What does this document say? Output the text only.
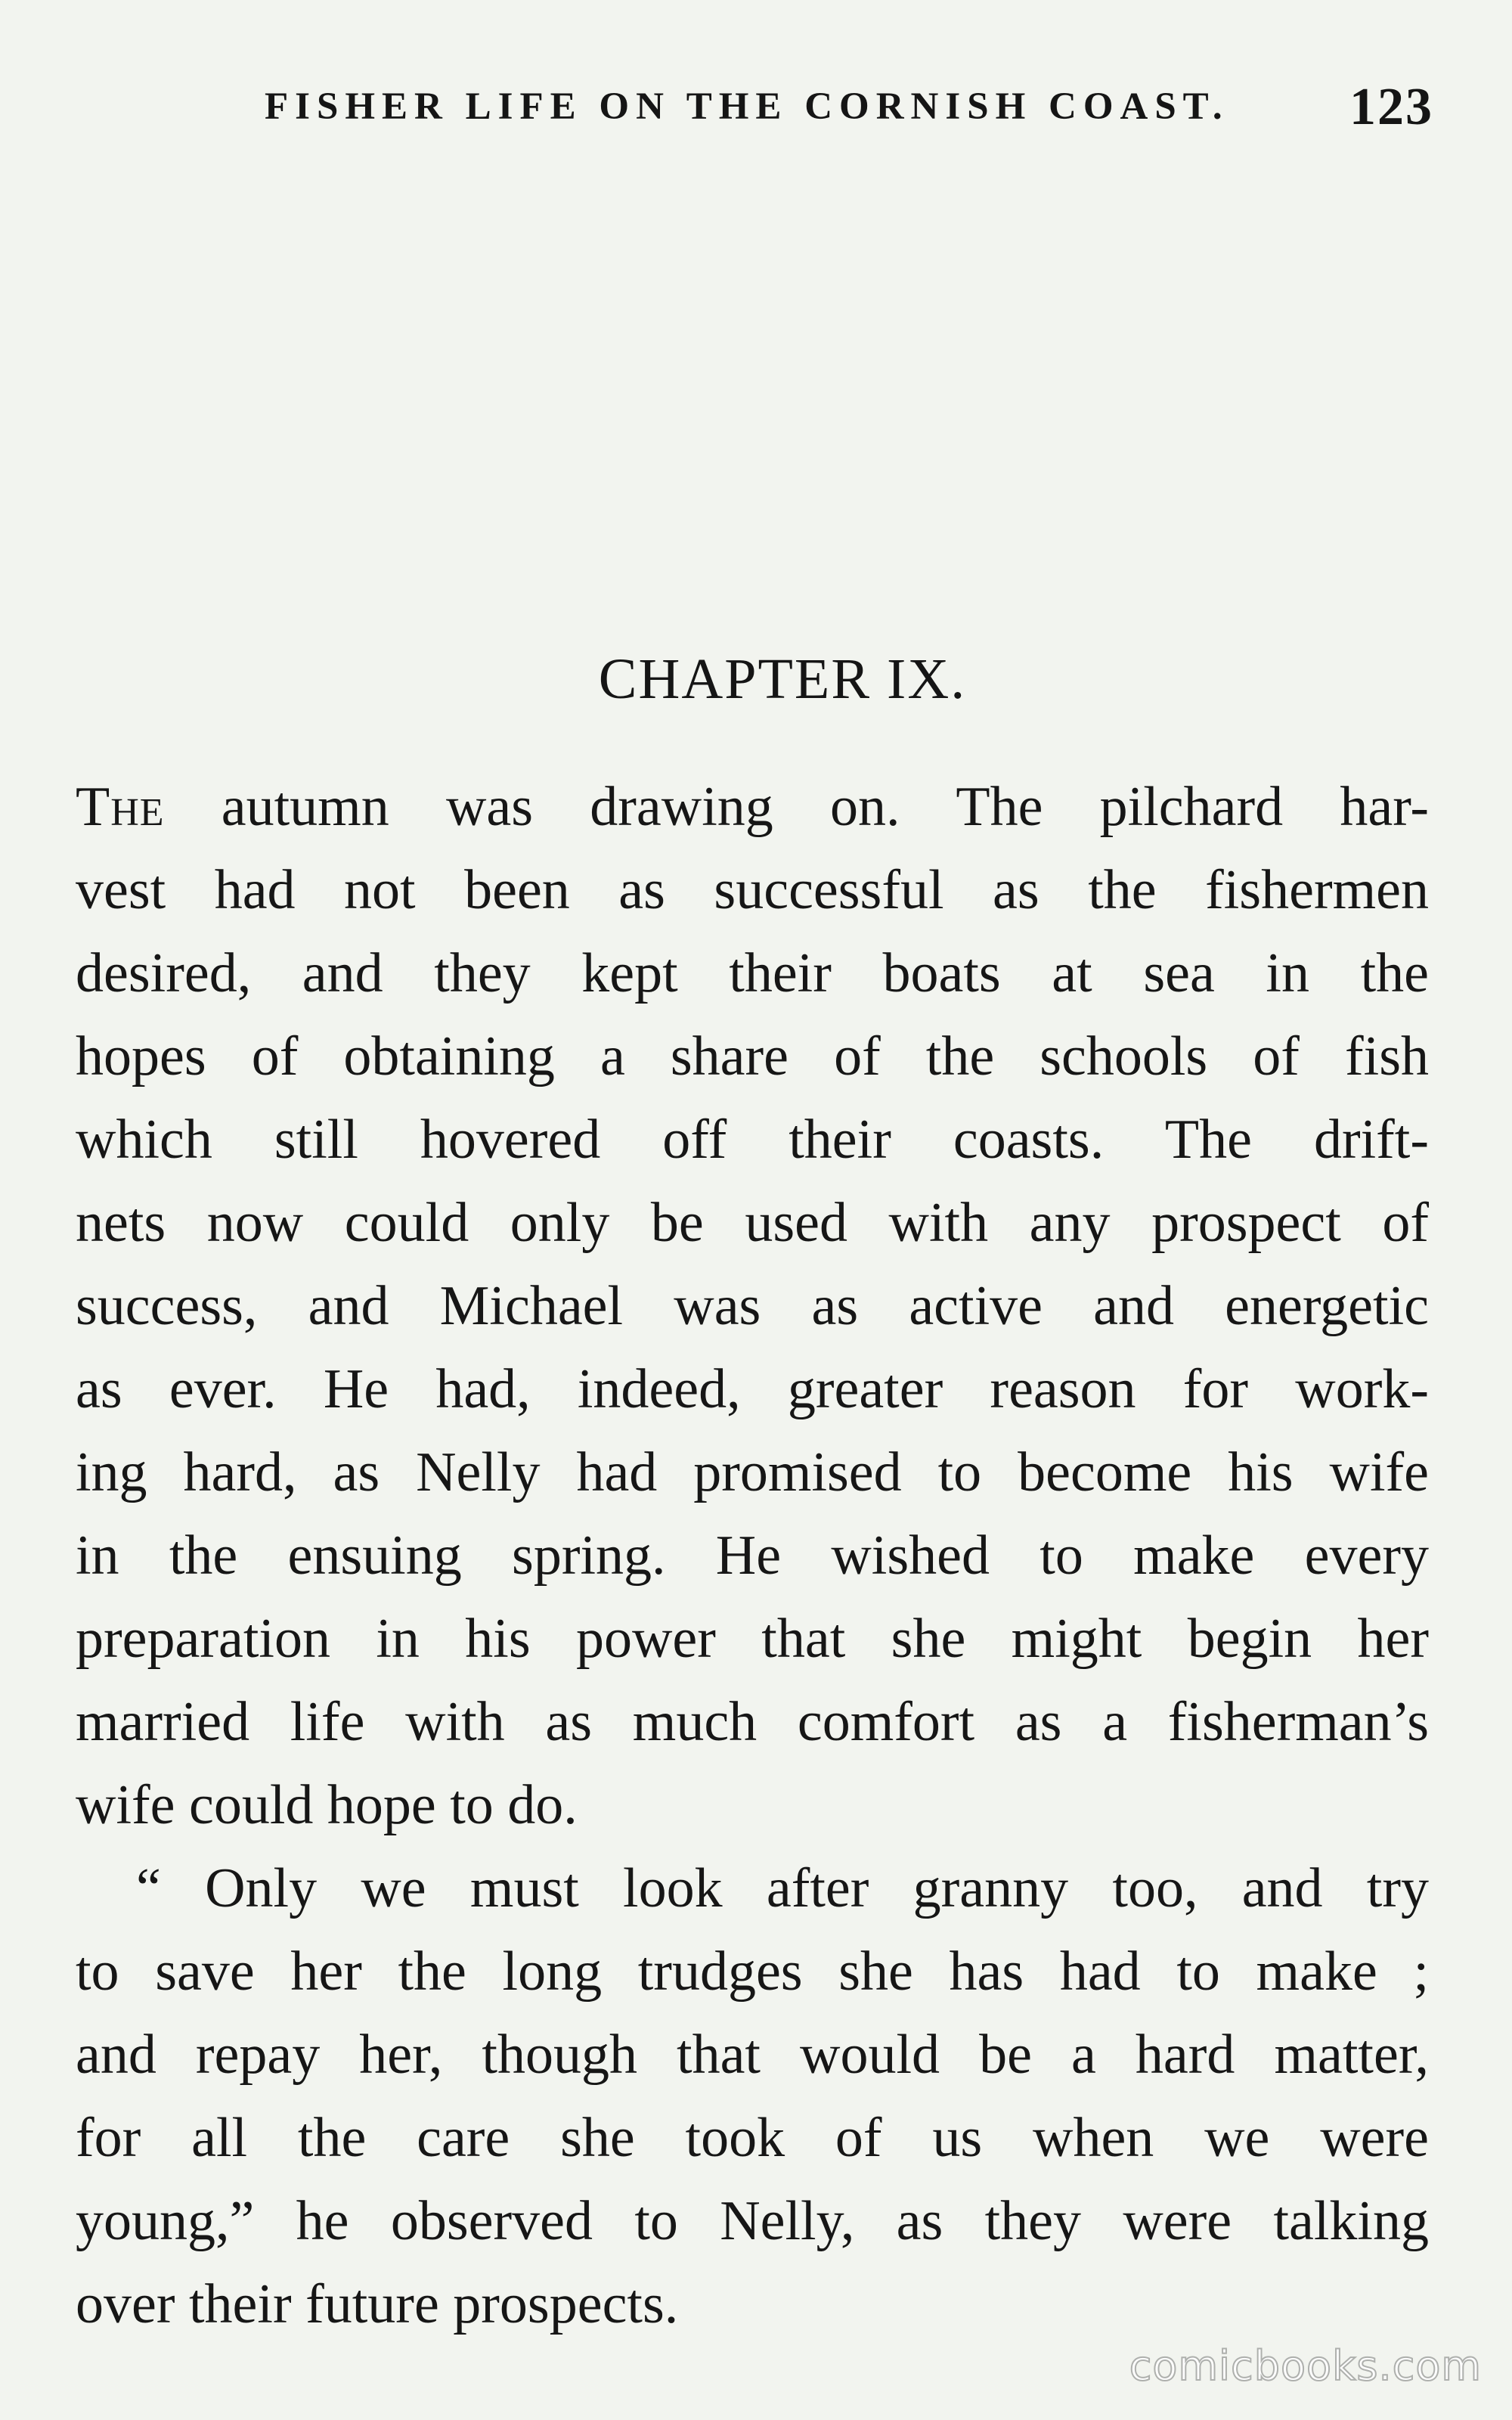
FISHER LIFE ON THE CORNISH COAST. 123
CHAPTER IX.
The autumn was drawing on. The pilchard har-
vest had not been as successful as the fishermen
desired, and they kept their boats at sea in the
hopes of obtaining a share of the schools of fish
which still hovered off their coasts. The drift-
nets now could only be used with any prospect of
success, and Michael was as active and energetic
as ever. He had, indeed, greater reason for work-
ing hard, as Nelly had promised to become his wife
in the ensuing spring. He wished to make every
preparation in his power that she might begin her
married life with as much comfort as a fisherman’s
wife could hope to do.
“ Only we must look after granny too, and try
to save her the long trudges she has had to make ;
and repay her, though that would be a hard matter,
for all the care she took of us when we were
young,” he observed to Nelly, as they were talking
over their future prospects.
comicbooks.com
